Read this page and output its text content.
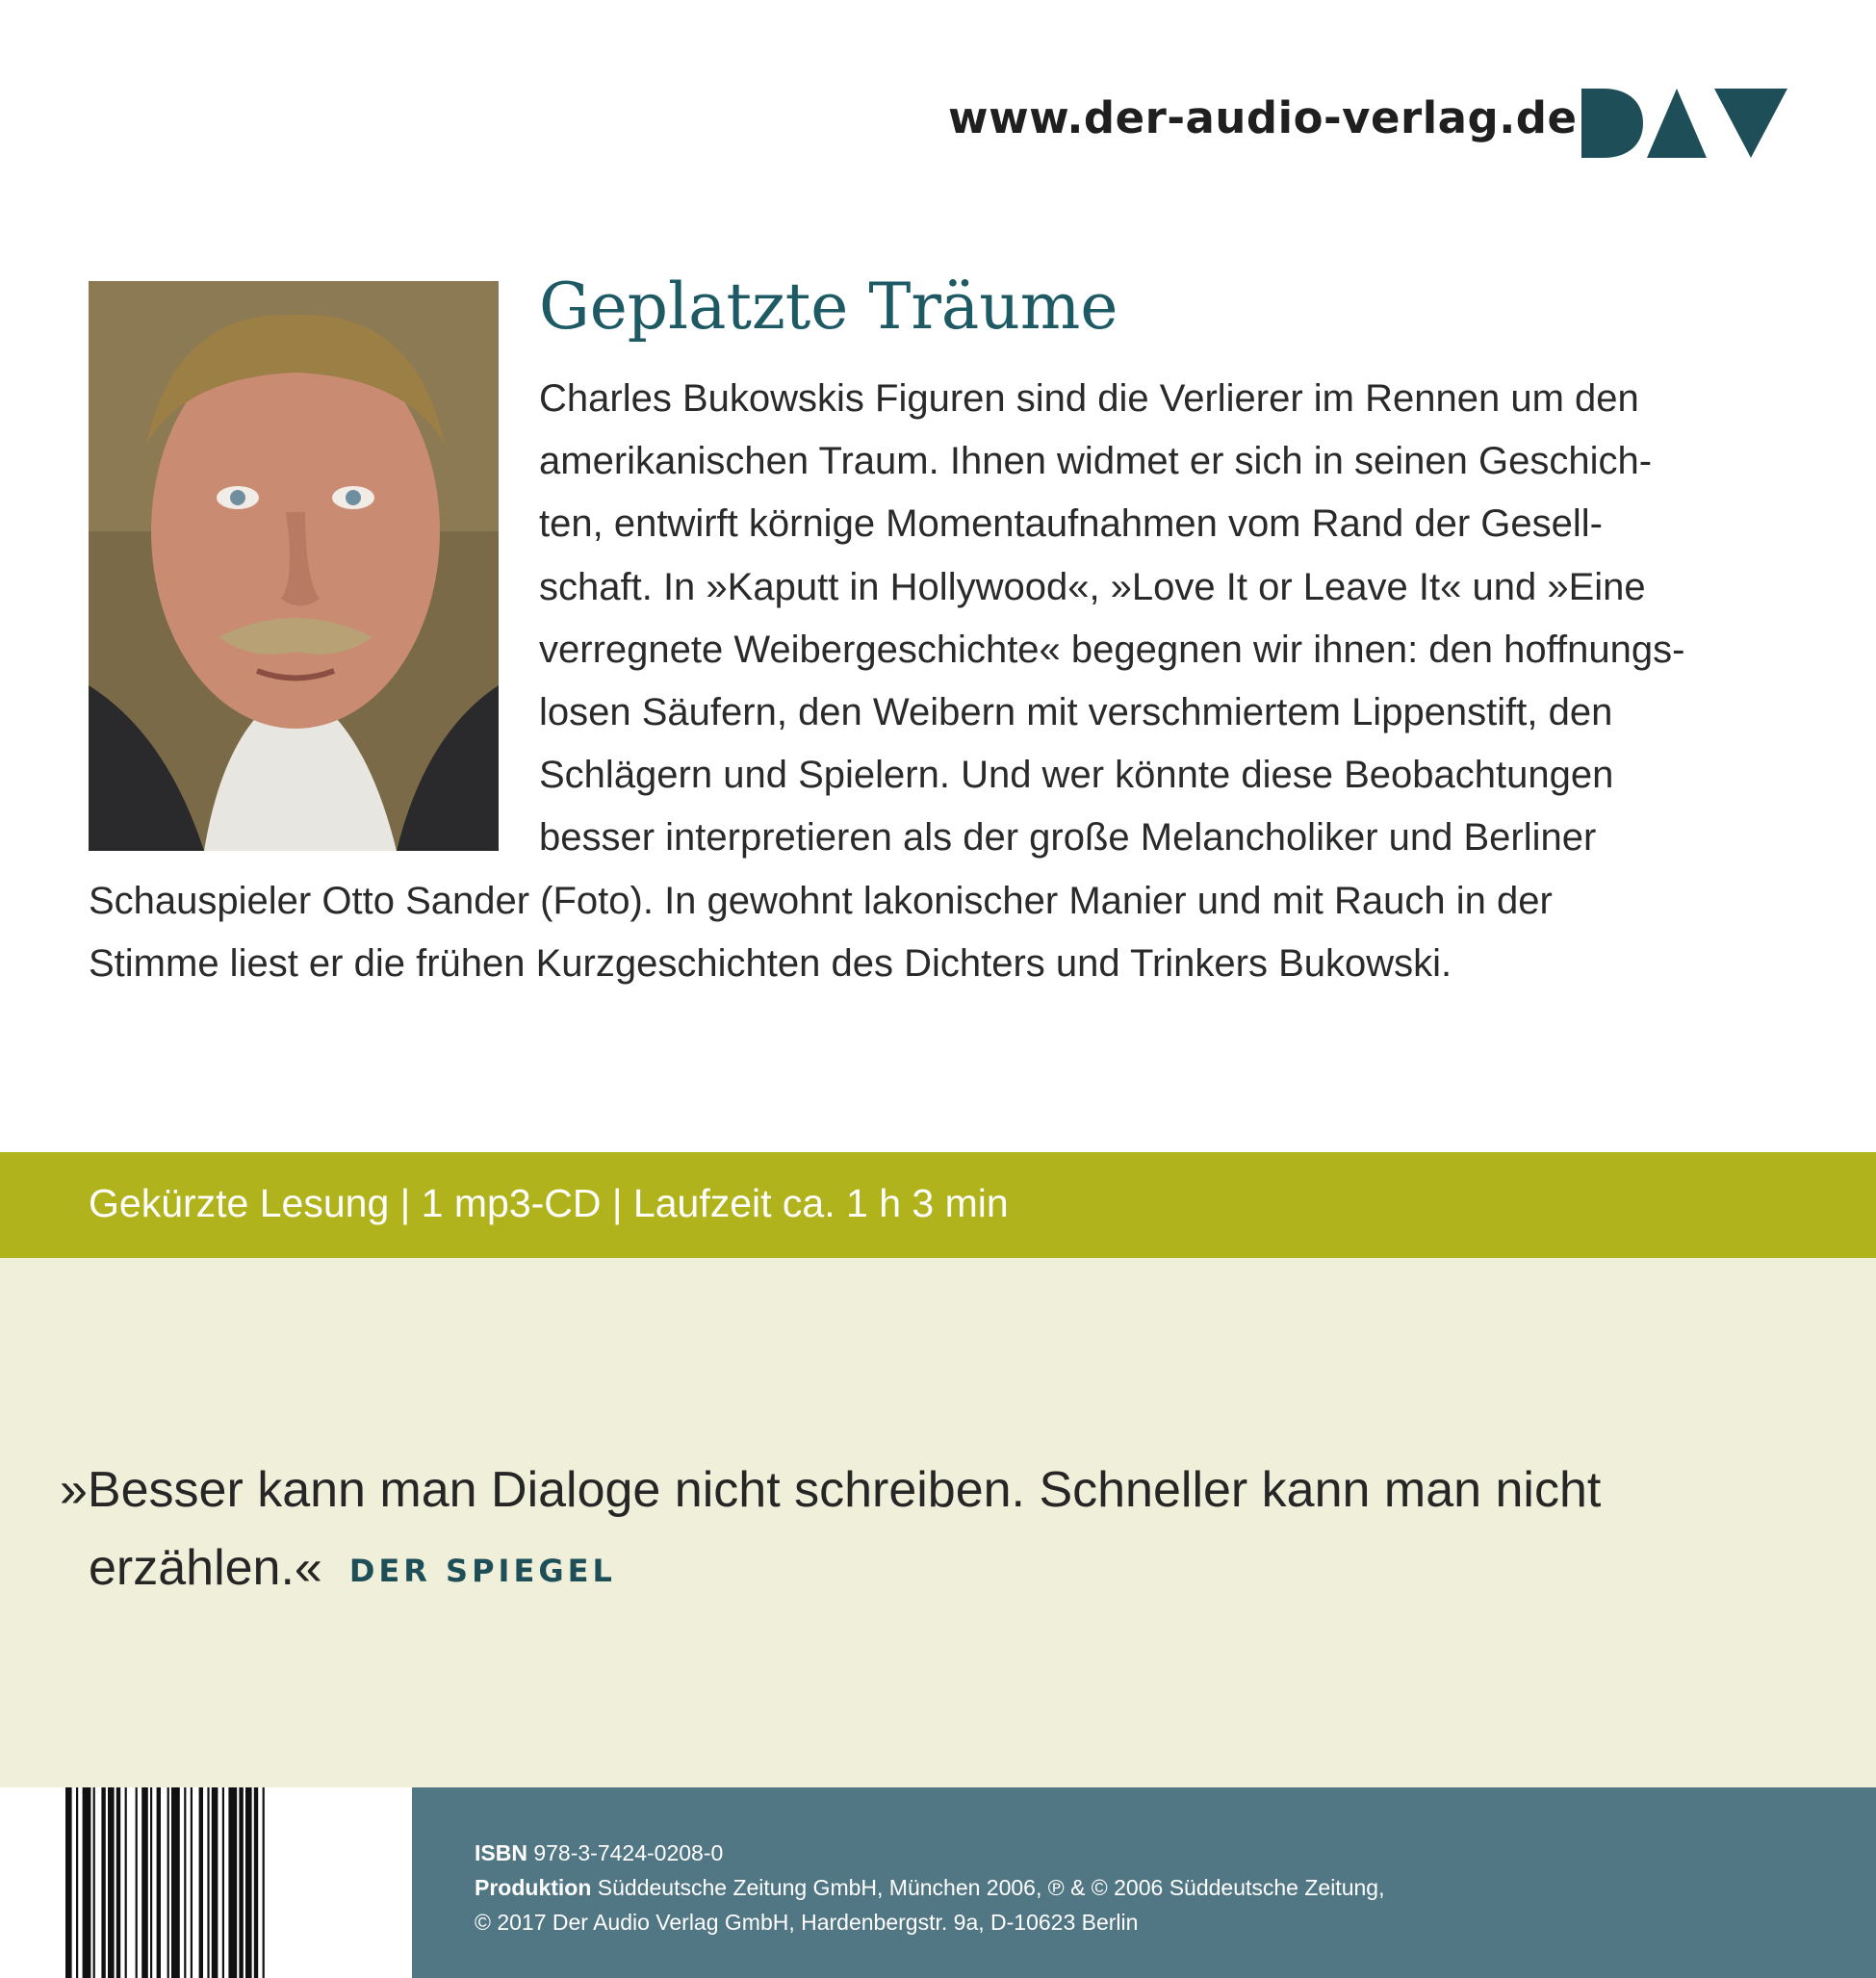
www.der-audio-verlag.de
Geplatzte Träume
Charles Bukowskis Figuren sind die Verlierer im Rennen um den
amerikanischen Traum. Ihnen widmet er sich in seinen Geschich-
ten, entwirft körnige Momentaufnahmen vom Rand der Gesell-
schaft. In »Kaputt in Hollywood«, »Love It or Leave It« und »Eine
verregnete Weibergeschichte« begegnen wir ihnen: den hoffnungs-
losen Säufern, den Weibern mit verschmiertem Lippenstift, den
Schlägern und Spielern. Und wer könnte diese Beobachtungen
besser interpretieren als der große Melancholiker und Berliner
Schauspieler Otto Sander (Foto). In gewohnt lakonischer Manier und mit Rauch in der
Stimme liest er die frühen Kurzgeschichten des Dichters und Trinkers Bukowski.
Gekürzte Lesung | 1 mp3-CD | Laufzeit ca. 1 h 3 min
»Besser kann man Dialoge nicht schreiben. Schneller kann man nicht
erzählen.« DER SPIEGEL
ISBN 978-3-7424-0208-0
Produktion Süddeutsche Zeitung GmbH, München 2006, ℗ & © 2006 Süddeutsche Zeitung,
© 2017 Der Audio Verlag GmbH, Hardenbergstr. 9a, D-10623 Berlin
